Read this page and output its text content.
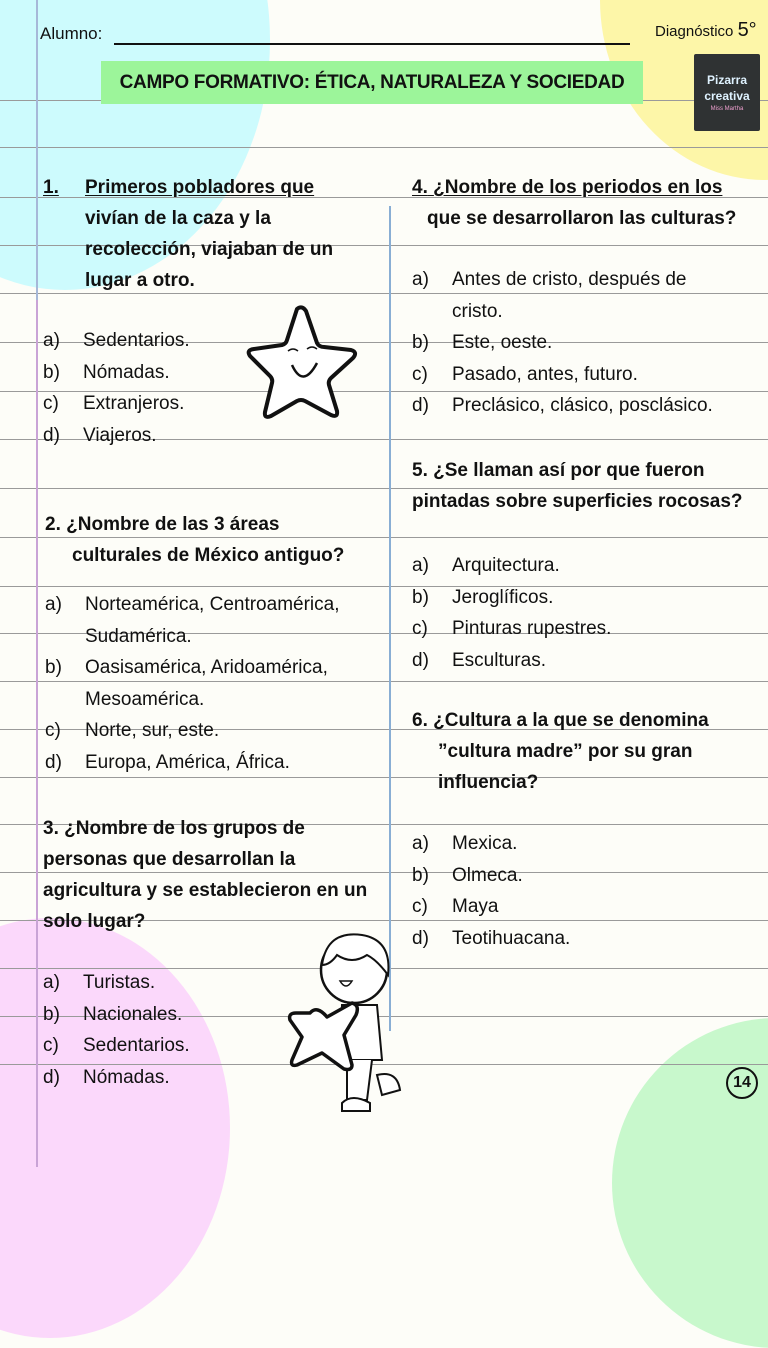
Alumno:	Diagnóstico 5°
CAMPO FORMATIVO: ÉTICA, NATURALEZA Y SOCIEDAD	Pizarra
creativa
Miss Martha
1.	Primeros pobladores que
vivían de la caza y la
recolección, viajaban de un
lugar a otro.
a)	Sedentarios.
b)	Nómadas.
c)	Extranjeros.
d)	Viajeros.
2. ¿Nombre de las 3 áreas
culturales de México antiguo?
a)	Norteamérica, Centroamérica,
Sudamérica.
b)	Oasisamérica, Aridoamérica,
Mesoamérica.
c)	Norte, sur, este.
d)	Europa, América, África.
3. ¿Nombre de los grupos de
personas que desarrollan la
agricultura y se establecieron en un
solo lugar?
a)	Turistas.
b)	Nacionales.
c)	Sedentarios.
d)	Nómadas.
4. ¿Nombre de los periodos en los
que se desarrollaron las culturas?
a)	Antes de cristo, después de
cristo.
b)	Este, oeste.
c)	Pasado, antes, futuro.
d)	Preclásico, clásico, posclásico.
5. ¿Se llaman así por que fueron
pintadas sobre superficies rocosas?
a)	Arquitectura.
b)	Jeroglíficos.
c)	Pinturas rupestres.
d)	Esculturas.
6. ¿Cultura a la que se denomina
”cultura madre” por su gran
influencia?
a)	Mexica.
b)	Olmeca.
c)	Maya
d)	Teotihuacana.
14
